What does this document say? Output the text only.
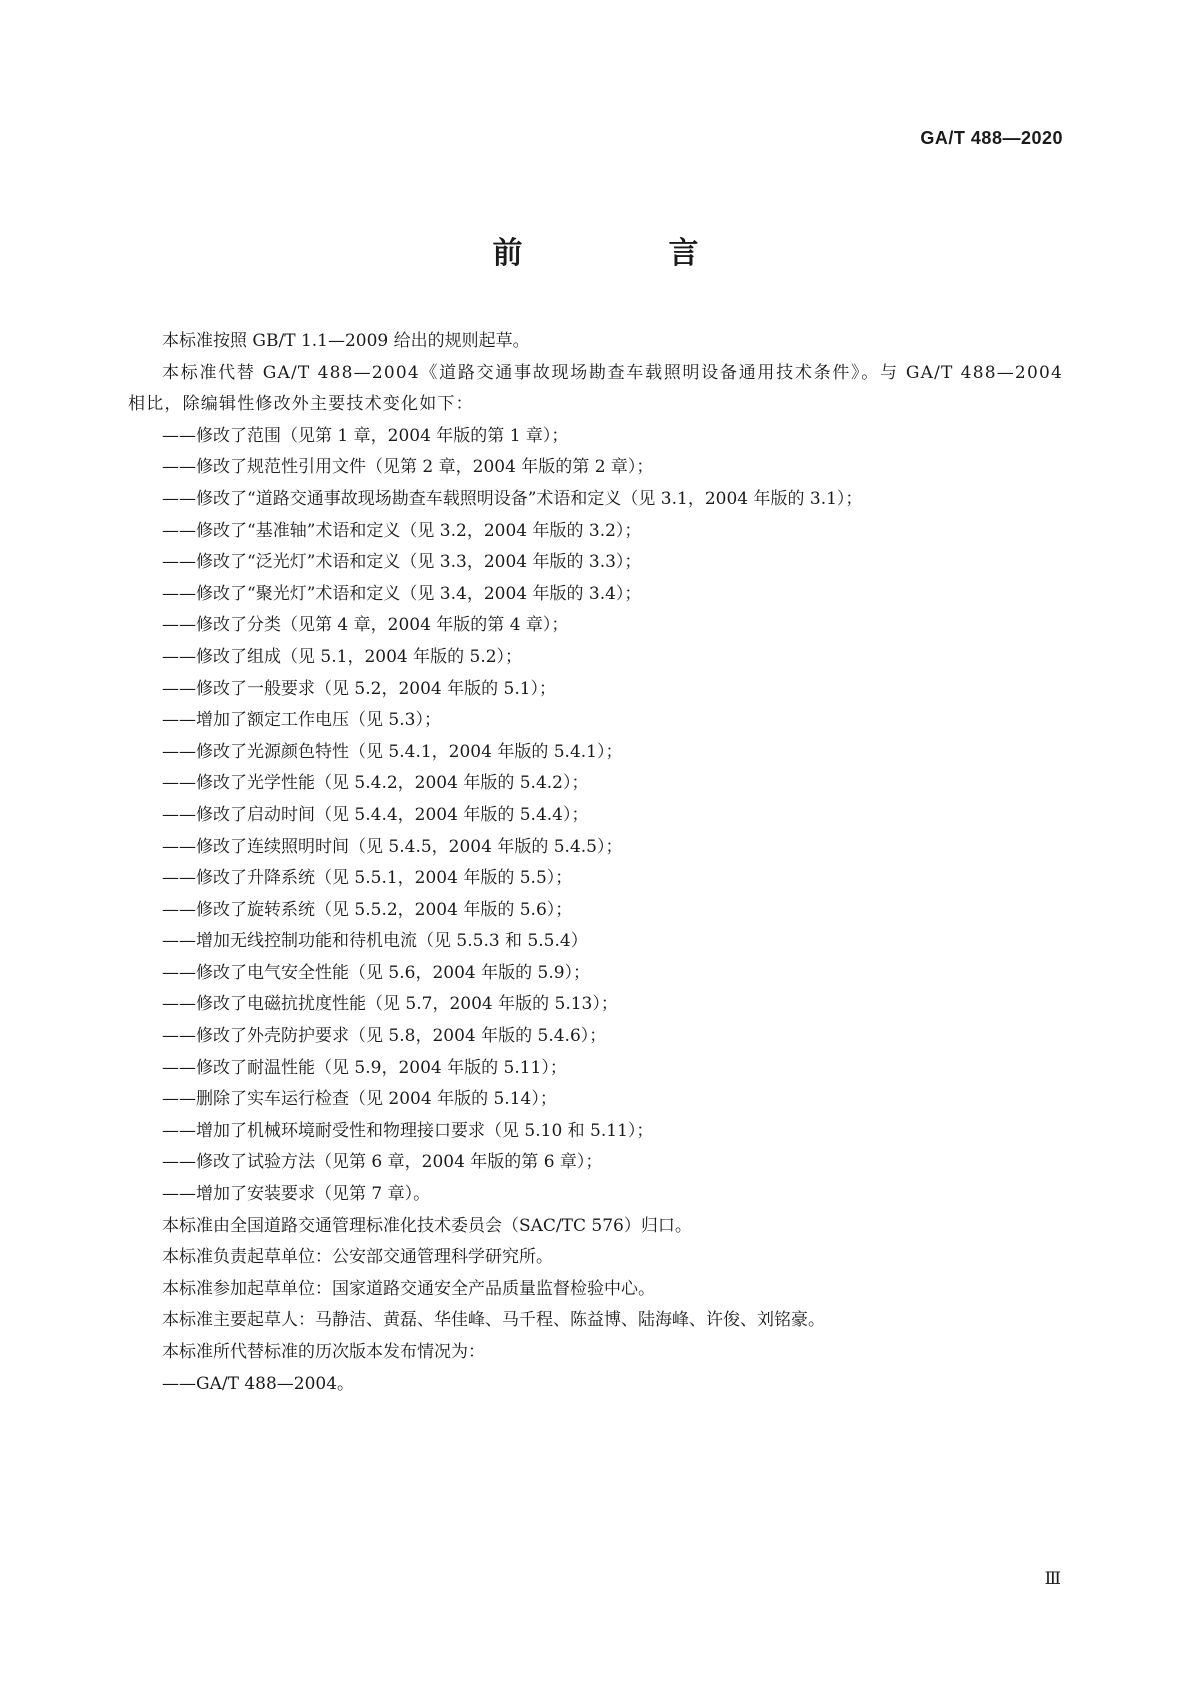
GA/T 488—2020
前　言

本标准按照 GB/T 1.1—2009 给出的规则起草。

本标准代替 GA/T 488—2004《道路交通事故现场勘查车载照明设备通用技术条件》。与 GA/T 488—2004 相比，除编辑性修改外主要技术变化如下：

——修改了范围（见第 1 章，2004 年版的第 1 章）；

——修改了规范性引用文件（见第 2 章，2004 年版的第 2 章）；

——修改了“道路交通事故现场勘查车载照明设备”术语和定义（见 3.1，2004 年版的 3.1）；

——修改了“基准轴”术语和定义（见 3.2，2004 年版的 3.2）；

——修改了“泛光灯”术语和定义（见 3.3，2004 年版的 3.3）；

——修改了“聚光灯”术语和定义（见 3.4，2004 年版的 3.4）；

——修改了分类（见第 4 章，2004 年版的第 4 章）；

——修改了组成（见 5.1，2004 年版的 5.2）；

——修改了一般要求（见 5.2，2004 年版的 5.1）；

——增加了额定工作电压（见 5.3）；

——修改了光源颜色特性（见 5.4.1，2004 年版的 5.4.1）；

——修改了光学性能（见 5.4.2，2004 年版的 5.4.2）；

——修改了启动时间（见 5.4.4，2004 年版的 5.4.4）；

——修改了连续照明时间（见 5.4.5，2004 年版的 5.4.5）；

——修改了升降系统（见 5.5.1，2004 年版的 5.5）；

——修改了旋转系统（见 5.5.2，2004 年版的 5.6）；

——增加无线控制功能和待机电流（见 5.5.3 和 5.5.4）

——修改了电气安全性能（见 5.6，2004 年版的 5.9）；

——修改了电磁抗扰度性能（见 5.7，2004 年版的 5.13）；

——修改了外壳防护要求（见 5.8，2004 年版的 5.4.6）；

——修改了耐温性能（见 5.9，2004 年版的 5.11）；

——删除了实车运行检查（见 2004 年版的 5.14）；

——增加了机械环境耐受性和物理接口要求（见 5.10 和 5.11）；

——修改了试验方法（见第 6 章，2004 年版的第 6 章）；

——增加了安装要求（见第 7 章）。

本标准由全国道路交通管理标准化技术委员会（SAC/TC 576）归口。

本标准负责起草单位：公安部交通管理科学研究所。

本标准参加起草单位：国家道路交通安全产品质量监督检验中心。

本标准主要起草人：马静洁、黄磊、华佳峰、马千程、陈益博、陆海峰、许俊、刘铭豪。

本标准所代替标准的历次版本发布情况为：

——GA/T 488—2004。

Ⅲ
